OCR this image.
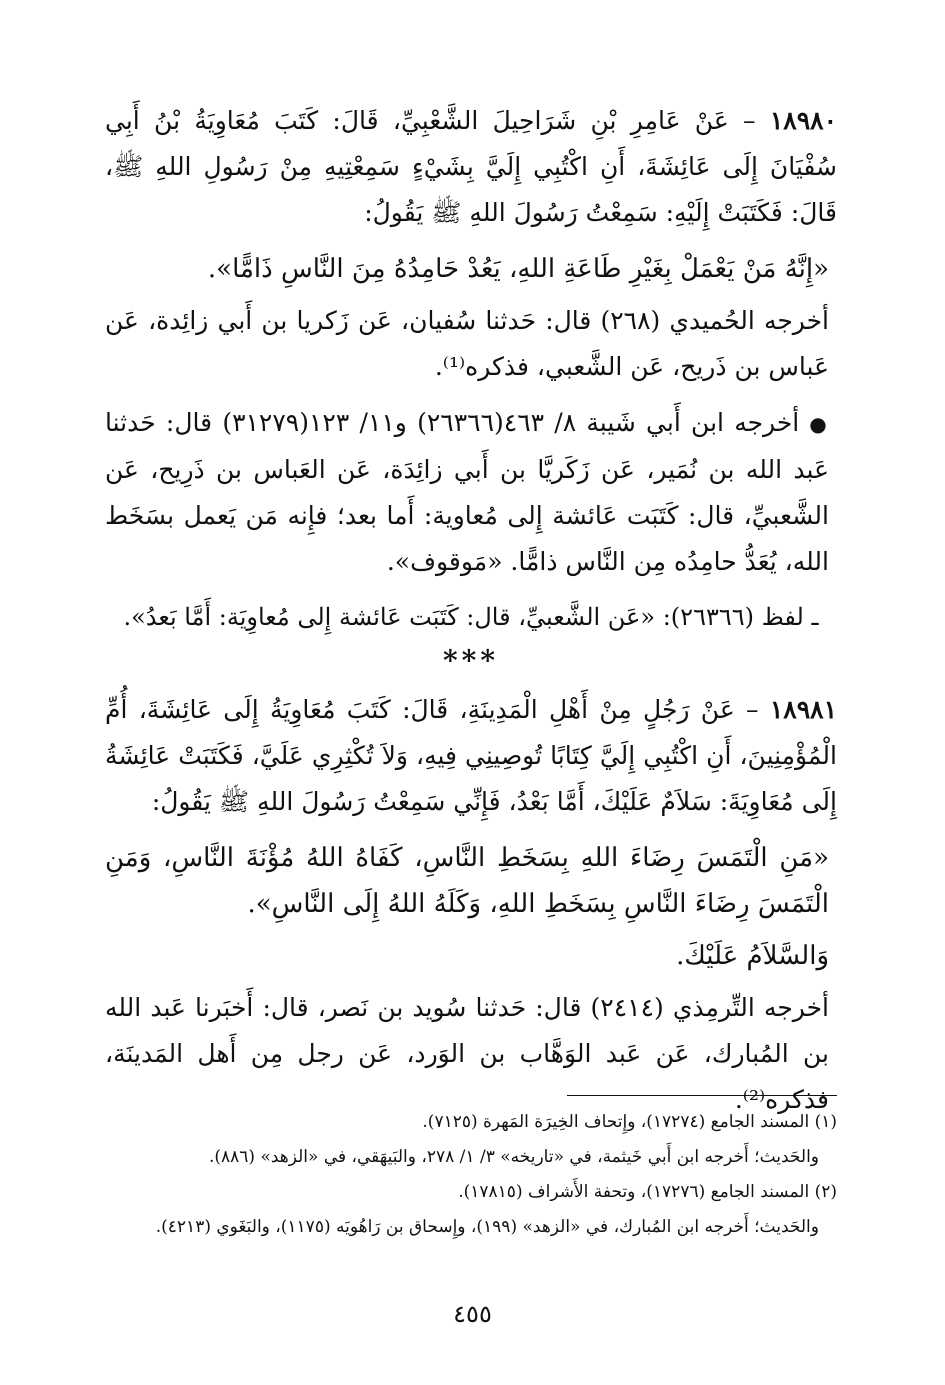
١٨٩٨٠ – عَنْ عَامِرِ بْنِ شَرَاحِيلَ الشَّعْبِيِّ، قَالَ: كَتَبَ مُعَاوِيَةُ بْنُ أَبِي سُفْيَانَ إِلَى عَائِشَةَ، أَنِ اكْتُبِي إِلَيَّ بِشَيْءٍ سَمِعْتِيهِ مِنْ رَسُولِ اللهِ ﷺ، قَالَ: فَكَتَبَتْ إِلَيْهِ: سَمِعْتُ رَسُولَ اللهِ ﷺ يَقُولُ:

«إِنَّهُ مَنْ يَعْمَلْ بِغَيْرِ طَاعَةِ اللهِ، يَعُدْ حَامِدُهُ مِنَ النَّاسِ ذَامًّا».

أخرجه الحُميدي (٢٦٨) قال: حَدثنا سُفيان، عَن زَكريا بن أَبي زائِدة، عَن عَباس بن ذَريح، عَن الشَّعبي، فذكره⁽¹⁾.

●أخرجه ابن أَبي شَيبة ٨/ ٤٦٣(٢٦٣٦٦) و١١/ ١٢٣(٣١٢٧٩) قال: حَدثنا عَبد الله بن نُمَير، عَن زَكَريَّا بن أَبي زائِدَة، عَن العَباس بن ذَرِيح، عَن الشَّعبيِّ، قال: كَتَبَت عَائشة إِلى مُعاوية: أَما بعد؛ فإِنه مَن يَعمل بسَخَط الله، يُعَدُّ حامِدُه مِن النَّاس ذامًّا. «مَوقوف».

ـ لفظ (٢٦٣٦٦): «عَن الشَّعبيِّ، قال: كَتَبَت عَائشة إِلى مُعاوِيَة: أَمَّا بَعدُ».

***

١٨٩٨١ – عَنْ رَجُلٍ مِنْ أَهْلِ الْمَدِينَةِ، قَالَ: كَتَبَ مُعَاوِيَةُ إِلَى عَائِشَةَ، أُمِّ الْمُؤْمِنِينَ، أَنِ اكْتُبِي إِلَيَّ كِتَابًا تُوصِينِي فِيهِ، وَلاَ تُكْثِرِي عَلَيَّ، فَكَتَبَتْ عَائِشَةُ إِلَى مُعَاوِيَةَ: سَلاَمٌ عَلَيْكَ، أَمَّا بَعْدُ، فَإِنِّي سَمِعْتُ رَسُولَ اللهِ ﷺ يَقُولُ:

«مَنِ الْتَمَسَ رِضَاءَ اللهِ بِسَخَطِ النَّاسِ، كَفَاهُ اللهُ مُؤْنَةَ النَّاسِ، وَمَنِ الْتَمَسَ رِضَاءَ النَّاسِ بِسَخَطِ اللهِ، وَكَلَهُ اللهُ إِلَى النَّاسِ».

وَالسَّلاَمُ عَلَيْكَ.

أخرجه التِّرمِذي (٢٤١٤) قال: حَدثنا سُويد بن نَصر، قال: أَخبَرنا عَبد الله بن المُبارك، عَن عَبد الوَهَّاب بن الوَرد، عَن رجل مِن أَهل المَدينَة، فذكره⁽²⁾.

(١) المسند الجامع (١٧٢٧٤)، وإِتحاف الخِيرَة المَهرة (٧١٢٥).

والحَديث؛ أَخرجه ابن أَبي خَيثمة، في «تاريخه» ٣/ ١/ ٢٧٨، والبَيهَقي، في «الزهد» (٨٨٦).

(٢) المسند الجامع (١٧٢٧٦)، وتحفة الأَشراف (١٧٨١٥).

والحَديث؛ أَخرجه ابن المُبارك، في «الزهد» (١٩٩)، وإِسحاق بن رَاهُويَه (١١٧٥)، والبَغَوي (٤٢١٣).

٤٥٥
